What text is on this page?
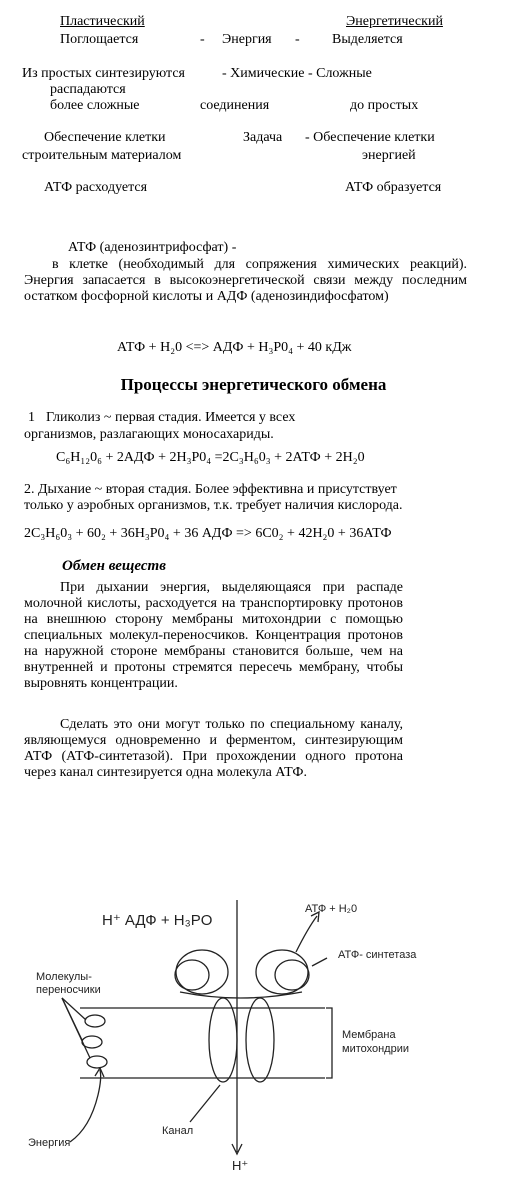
Пластический	Энергетический
Поглощается	- Энергия - Выделяется
Из простых синтезируются	- Химические - Сложные
распадаются
более сложные	соединения	до простых
Обеспечение клетки	Задача - Обеспечение клетки
строительным материалом	энергией
АТФ расходуется	АТФ образуется
АТФ (аденозинтрифосфат) -
в клетке (необходимый для сопряжения химических реакций). Энергия запасается в высокоэнергетической связи между последним остатком фосфорной кислоты и АДФ (аденозиндифосфатом)
АТФ + H₂0 <=> АДФ + H₃P0₄ + 40 кДж
Процессы энергетического обмена
1 Гликолиз ~ первая стадия. Имеется у всех
организмов, разлагающих моносахариды.
C₆H₁₂0₆ + 2АДФ + 2H₃P0₄ =2C₃H₆0₃ + 2АТФ + 2H₂0
2. Дыхание ~ вторая стадия. Более эффективна и присутствует
только у аэробных организмов, т.к. требует наличия кислорода.
2C₃H₆0₃ + 60₂ + 36H₃P0₄ + 36 АДФ => 6C0₂ + 42H₂0 + 36АТФ
Обмен веществ
При дыхании энергия, выделяющаяся при распаде молочной кислоты, расходуется на транспортировку протонов на внешнюю сторону мембраны митохондрии с помощью специальных молекул-переносчиков. Концентрация протонов на наружной стороне мембраны становится больше, чем на внутренней и протоны стремятся пересечь мембрану, чтобы выровнять концентрации.
Сделать это они могут только по специальному каналу, являющемуся одновременно и ферментом, синтезирующим АТФ (АТФ-синтетазой). При прохождении одного протона через канал синтезируется одна молекула АТФ.
H⁺ АДФ + H₃PO
АТФ + H₂0
АТФ- синтетаза
Молекулы-
переносчики
Мембрана
митохондрии
Канал
Энергия
H⁺
